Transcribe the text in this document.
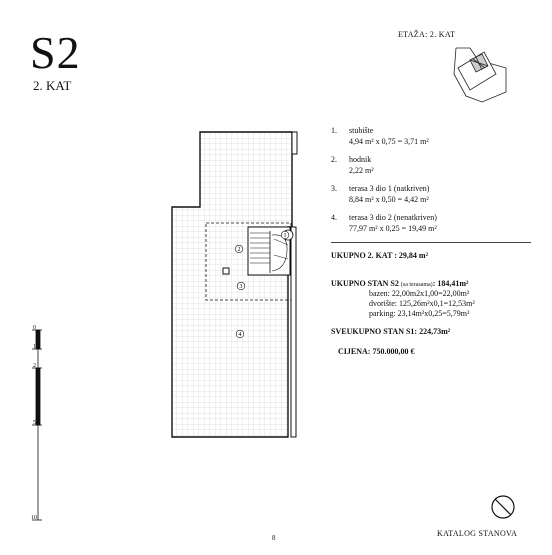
S2
2. KAT
ETAŽA: 2. KAT
2
1
3
4
1. stubište
4,94 m² x 0,75 = 3,71 m²
2. hodnik
2,22 m²
3. terasa 3 dio 1 (natkriven)
8,84 m² x 0,50 = 4,42 m²
4. terasa 3 dio 2 (nenatkriven)
77,97 m² x 0,25 = 19,49 m²
UKUPNO 2. KAT : 29,84 m²
UKUPNO STAN S2 (sa terasama): 184,41m²
bazen: 22,00m2x1,00=22,00m²
dvorište: 125,26m²x0,1=12,53m²
parking: 23,14m²x0,25=5,79m²
SVEUKUPNO STAN S1: 224,73m²
CIJENA: 750.000,00 €
0
1
2
5
10
KATALOG STANOVA
8
